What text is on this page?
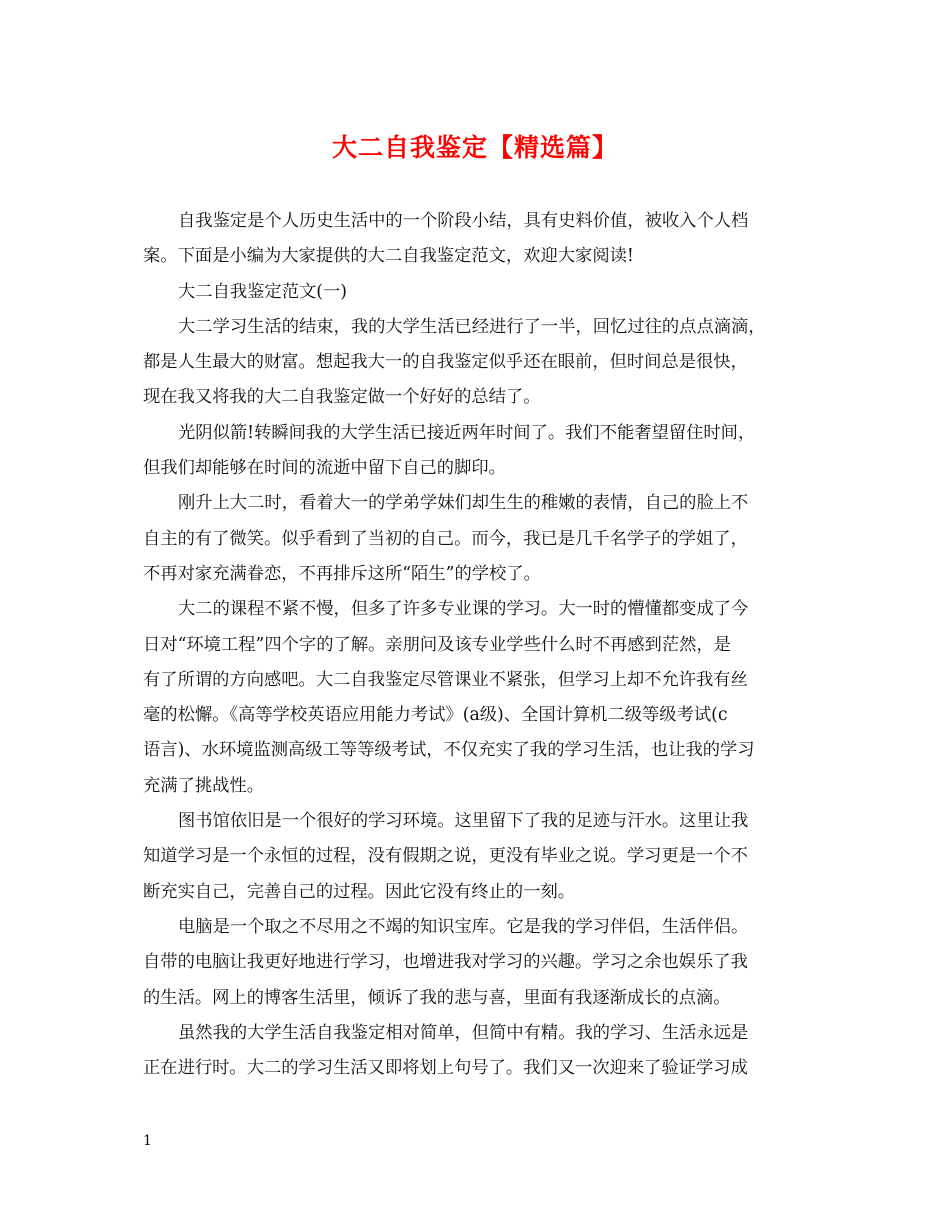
大二自我鉴定【精选篇】

自我鉴定是个人历史生活中的一个阶段小结，具有史料价值，被收入个人档

案。下面是小编为大家提供的大二自我鉴定范文，欢迎大家阅读!

大二自我鉴定范文(一)

大二学习生活的结束，我的大学生活已经进行了一半，回忆过往的点点滴滴，

都是人生最大的财富。想起我大一的自我鉴定似乎还在眼前，但时间总是很快，

现在我又将我的大二自我鉴定做一个好好的总结了。

光阴似箭!转瞬间我的大学生活已接近两年时间了。我们不能奢望留住时间，

但我们却能够在时间的流逝中留下自己的脚印。

刚升上大二时，看着大一的学弟学妹们却生生的稚嫩的表情，自己的脸上不

自主的有了微笑。似乎看到了当初的自己。而今，我已是几千名学子的学姐了，

不再对家充满眷恋，不再排斥这所“陌生”的学校了。

大二的课程不紧不慢，但多了许多专业课的学习。大一时的懵懂都变成了今

日对“环境工程”四个字的了解。亲朋问及该专业学些什么时不再感到茫然，是

有了所谓的方向感吧。大二自我鉴定尽管课业不紧张，但学习上却不允许我有丝

毫的松懈。《高等学校英语应用能力考试》(a级)、全国计算机二级等级考试(c

语言)、水环境监测高级工等等级考试，不仅充实了我的学习生活，也让我的学习

充满了挑战性。

图书馆依旧是一个很好的学习环境。这里留下了我的足迹与汗水。这里让我

知道学习是一个永恒的过程，没有假期之说，更没有毕业之说。学习更是一个不

断充实自己，完善自己的过程。因此它没有终止的一刻。

电脑是一个取之不尽用之不竭的知识宝库。它是我的学习伴侣，生活伴侣。

自带的电脑让我更好地进行学习，也增进我对学习的兴趣。学习之余也娱乐了我

的生活。网上的博客生活里，倾诉了我的悲与喜，里面有我逐渐成长的点滴。

虽然我的大学生活自我鉴定相对简单，但简中有精。我的学习、生活永远是

正在进行时。大二的学习生活又即将划上句号了。我们又一次迎来了验证学习成

1
